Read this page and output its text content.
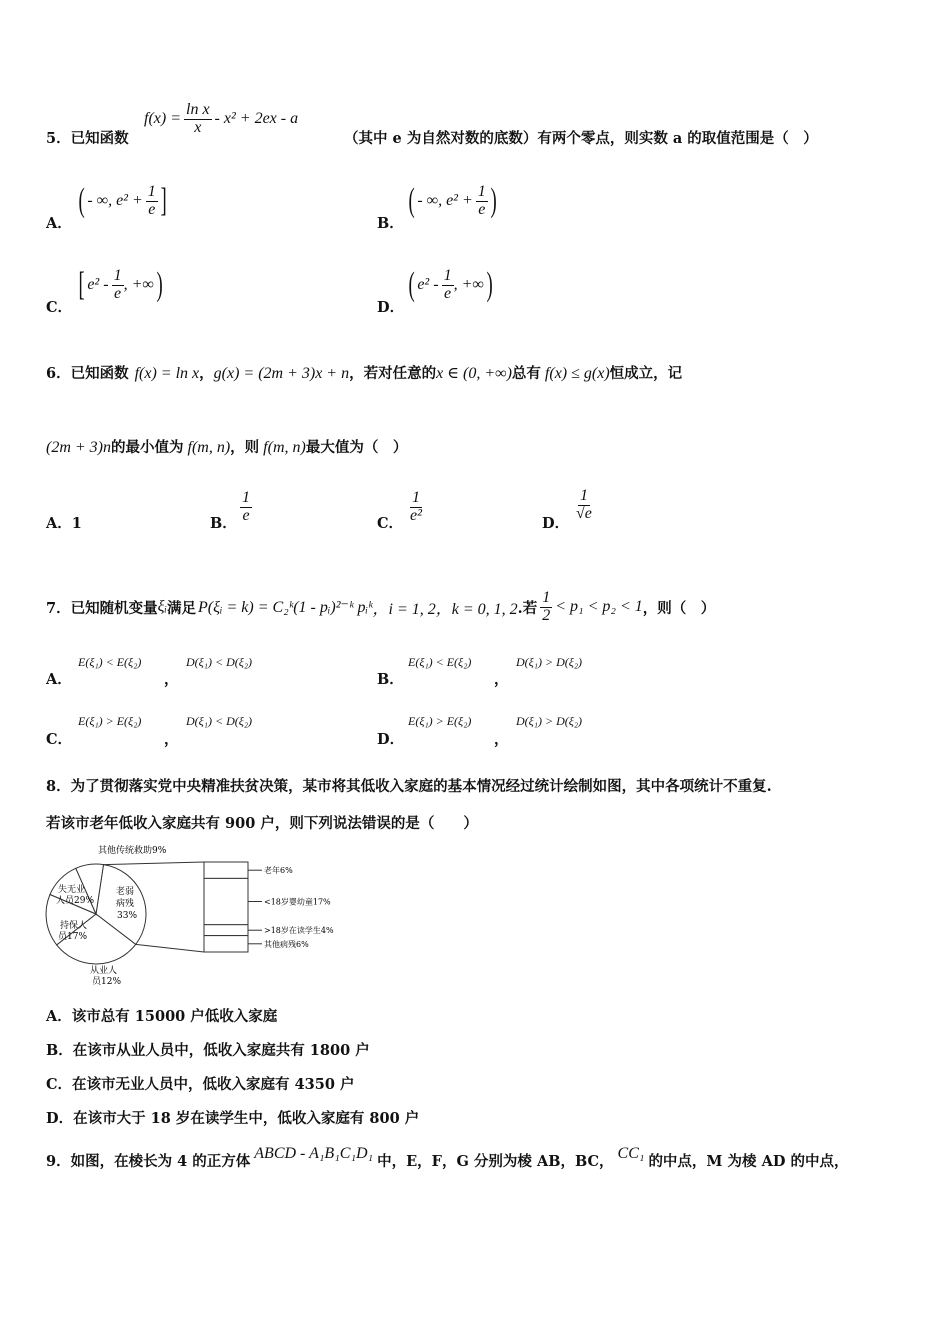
5．已知函数
$f(x) = \frac{\text{ln x}}{x} - x^2 + 2ex - a$
（其中 e 为自然对数的底数）有两个零点，则实数 a 的取值范围是（　）
A．
( - ∞, $e^2 + \frac{1}{e}$ ]
B．
( - ∞, $e^2 + \frac{1}{e}$ )
C．
[ $e^2 - \frac{1}{e}$ , +∞ )
D．
( $e^2 - \frac{1}{e}$ , +∞ )
6．已知函数 f(x) = ln x ， g(x) = (2m + 3)x + n ，若对任意的 x ∈ (0, +∞) 总有 f(x) ≤ g(x) 恒成立，记
(2m + 3)n 的最小值为 f(m, n) ，则 f(m, n) 最大值为（　）
A．1	B． $\frac{1}{e}$	C． $\frac{1}{\text{e²}}$	D．
$\frac{1}{√e}$
7．已知随机变量 ξᵢ 满足 P(ξᵢ = k) = C₂ᵏ(1 - pᵢ)²⁻ᵏ pᵢᵏ ，i = 1, 2 ，k = 0, 1, 2 .若 $\frac{1}{2} < p_1 < p_2 < 1$ ，则（　）
A．
E(ξ₁) < E(ξ₂)
，
D(ξ₁) < D(ξ₂)
B．
E(ξ₁) < E(ξ₂)
，
D(ξ₁) > D(ξ₂)
C．
E(ξ₁) > E(ξ₂)
，
D(ξ₁) < D(ξ₂)
D．
E(ξ₁) > E(ξ₂)
，
D(ξ₁) > D(ξ₂)
8．为了贯彻落实党中央精准扶贫决策，某市将其低收入家庭的基本情况经过统计绘制如图，其中各项统计不重复.
若该市老年低收入家庭共有 900 户，则下列说法错误的是（　　）
其他传统救助9%
失无业
人员29%
老弱
病残
33%
持保人
员17%
从业人
员12%
老年6%
<18岁婴幼童17%
>18岁在读学生4%
其他病残6%
A．该市总有 15000 户低收入家庭
B．在该市从业人员中，低收入家庭共有 1800 户
C．在该市无业人员中，低收入家庭有 4350 户
D．在该市大于 18 岁在读学生中，低收入家庭有 800 户
9．如图，在棱长为 4 的正方体 ABCD - A₁B₁C₁D₁ 中，E，F，G 分别为棱 AB，BC， CC₁ 的中点，M 为棱 AD 的中点，
